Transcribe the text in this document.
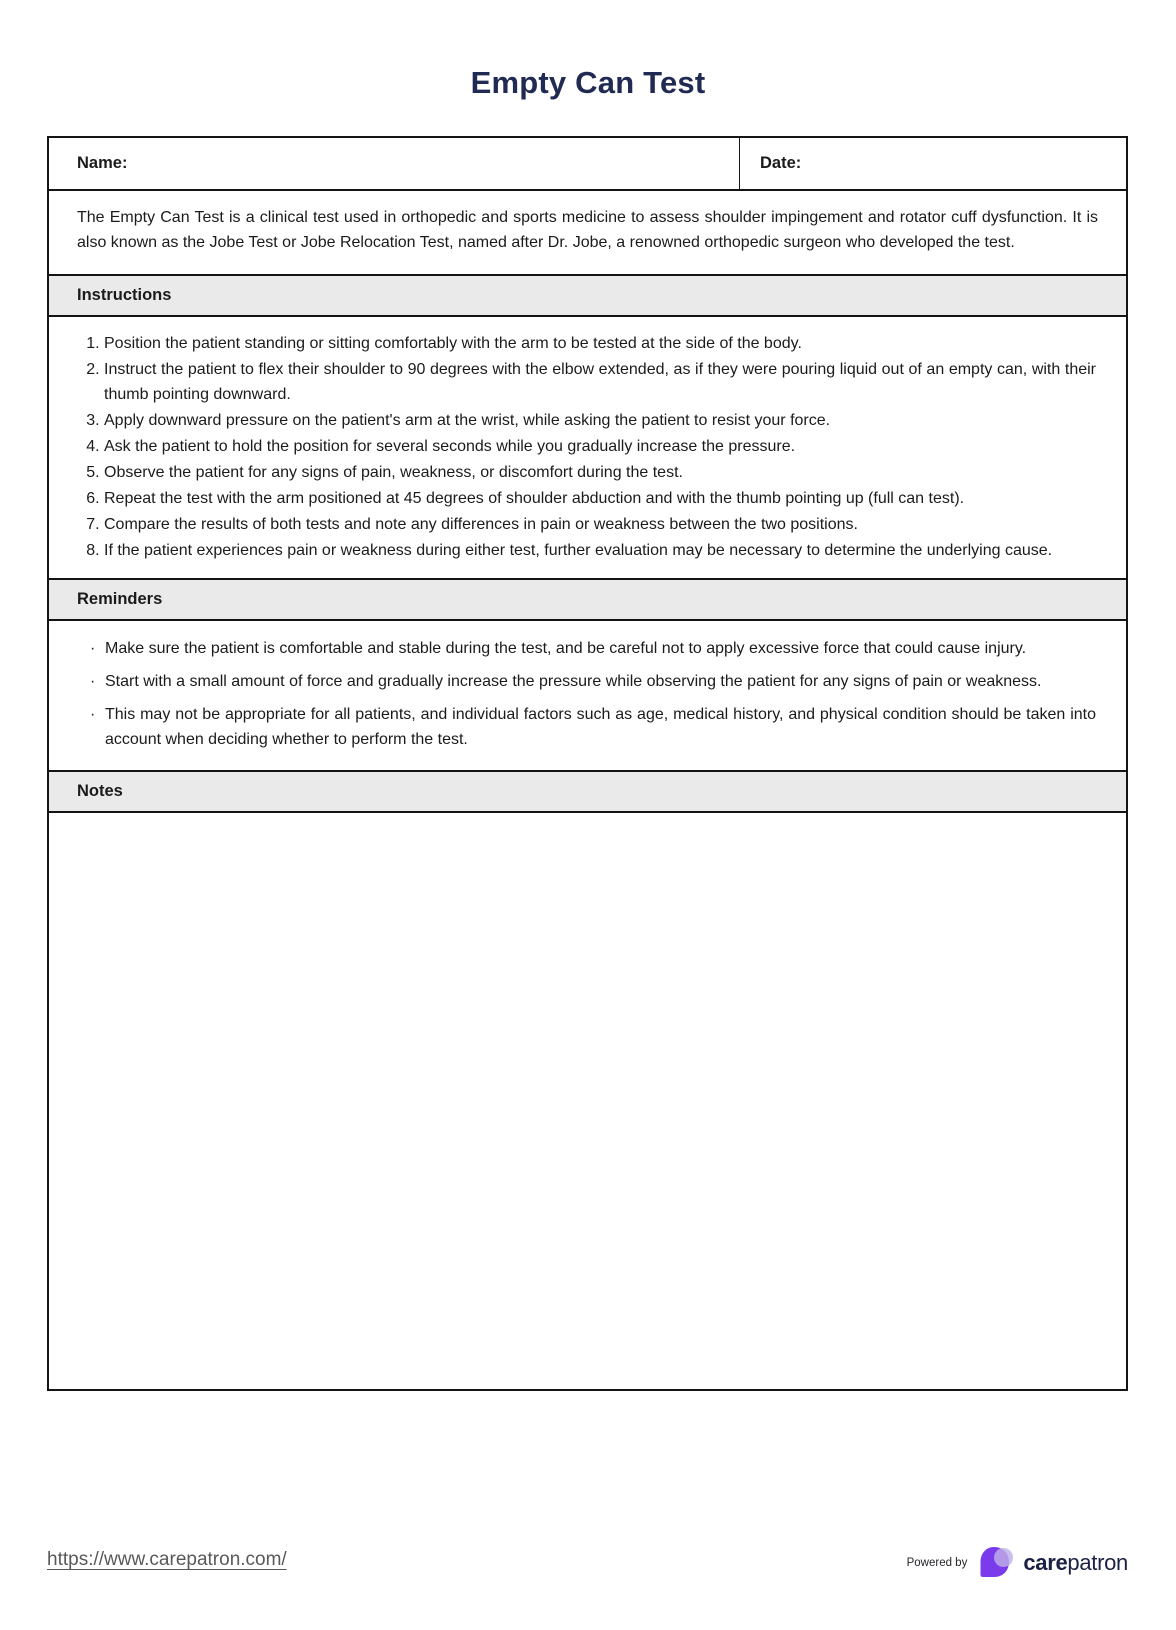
Empty Can Test
Name:	Date:
The Empty Can Test is a clinical test used in orthopedic and sports medicine to assess shoulder impingement and rotator cuff dysfunction. It is also known as the Jobe Test or Jobe Relocation Test, named after Dr. Jobe, a renowned orthopedic surgeon who developed the test.
Instructions
1. Position the patient standing or sitting comfortably with the arm to be tested at the side of the body.
2. Instruct the patient to flex their shoulder to 90 degrees with the elbow extended, as if they were pouring liquid out of an empty can, with their thumb pointing downward.
3. Apply downward pressure on the patient's arm at the wrist, while asking the patient to resist your force.
4. Ask the patient to hold the position for several seconds while you gradually increase the pressure.
5. Observe the patient for any signs of pain, weakness, or discomfort during the test.
6. Repeat the test with the arm positioned at 45 degrees of shoulder abduction and with the thumb pointing up (full can test).
7. Compare the results of both tests and note any differences in pain or weakness between the two positions.
8. If the patient experiences pain or weakness during either test, further evaluation may be necessary to determine the underlying cause.
Reminders
· Make sure the patient is comfortable and stable during the test, and be careful not to apply excessive force that could cause injury.
· Start with a small amount of force and gradually increase the pressure while observing the patient for any signs of pain or weakness.
· This may not be appropriate for all patients, and individual factors such as age, medical history, and physical condition should be taken into account when deciding whether to perform the test.
Notes
https://www.carepatron.com/	Powered by	carepatron
